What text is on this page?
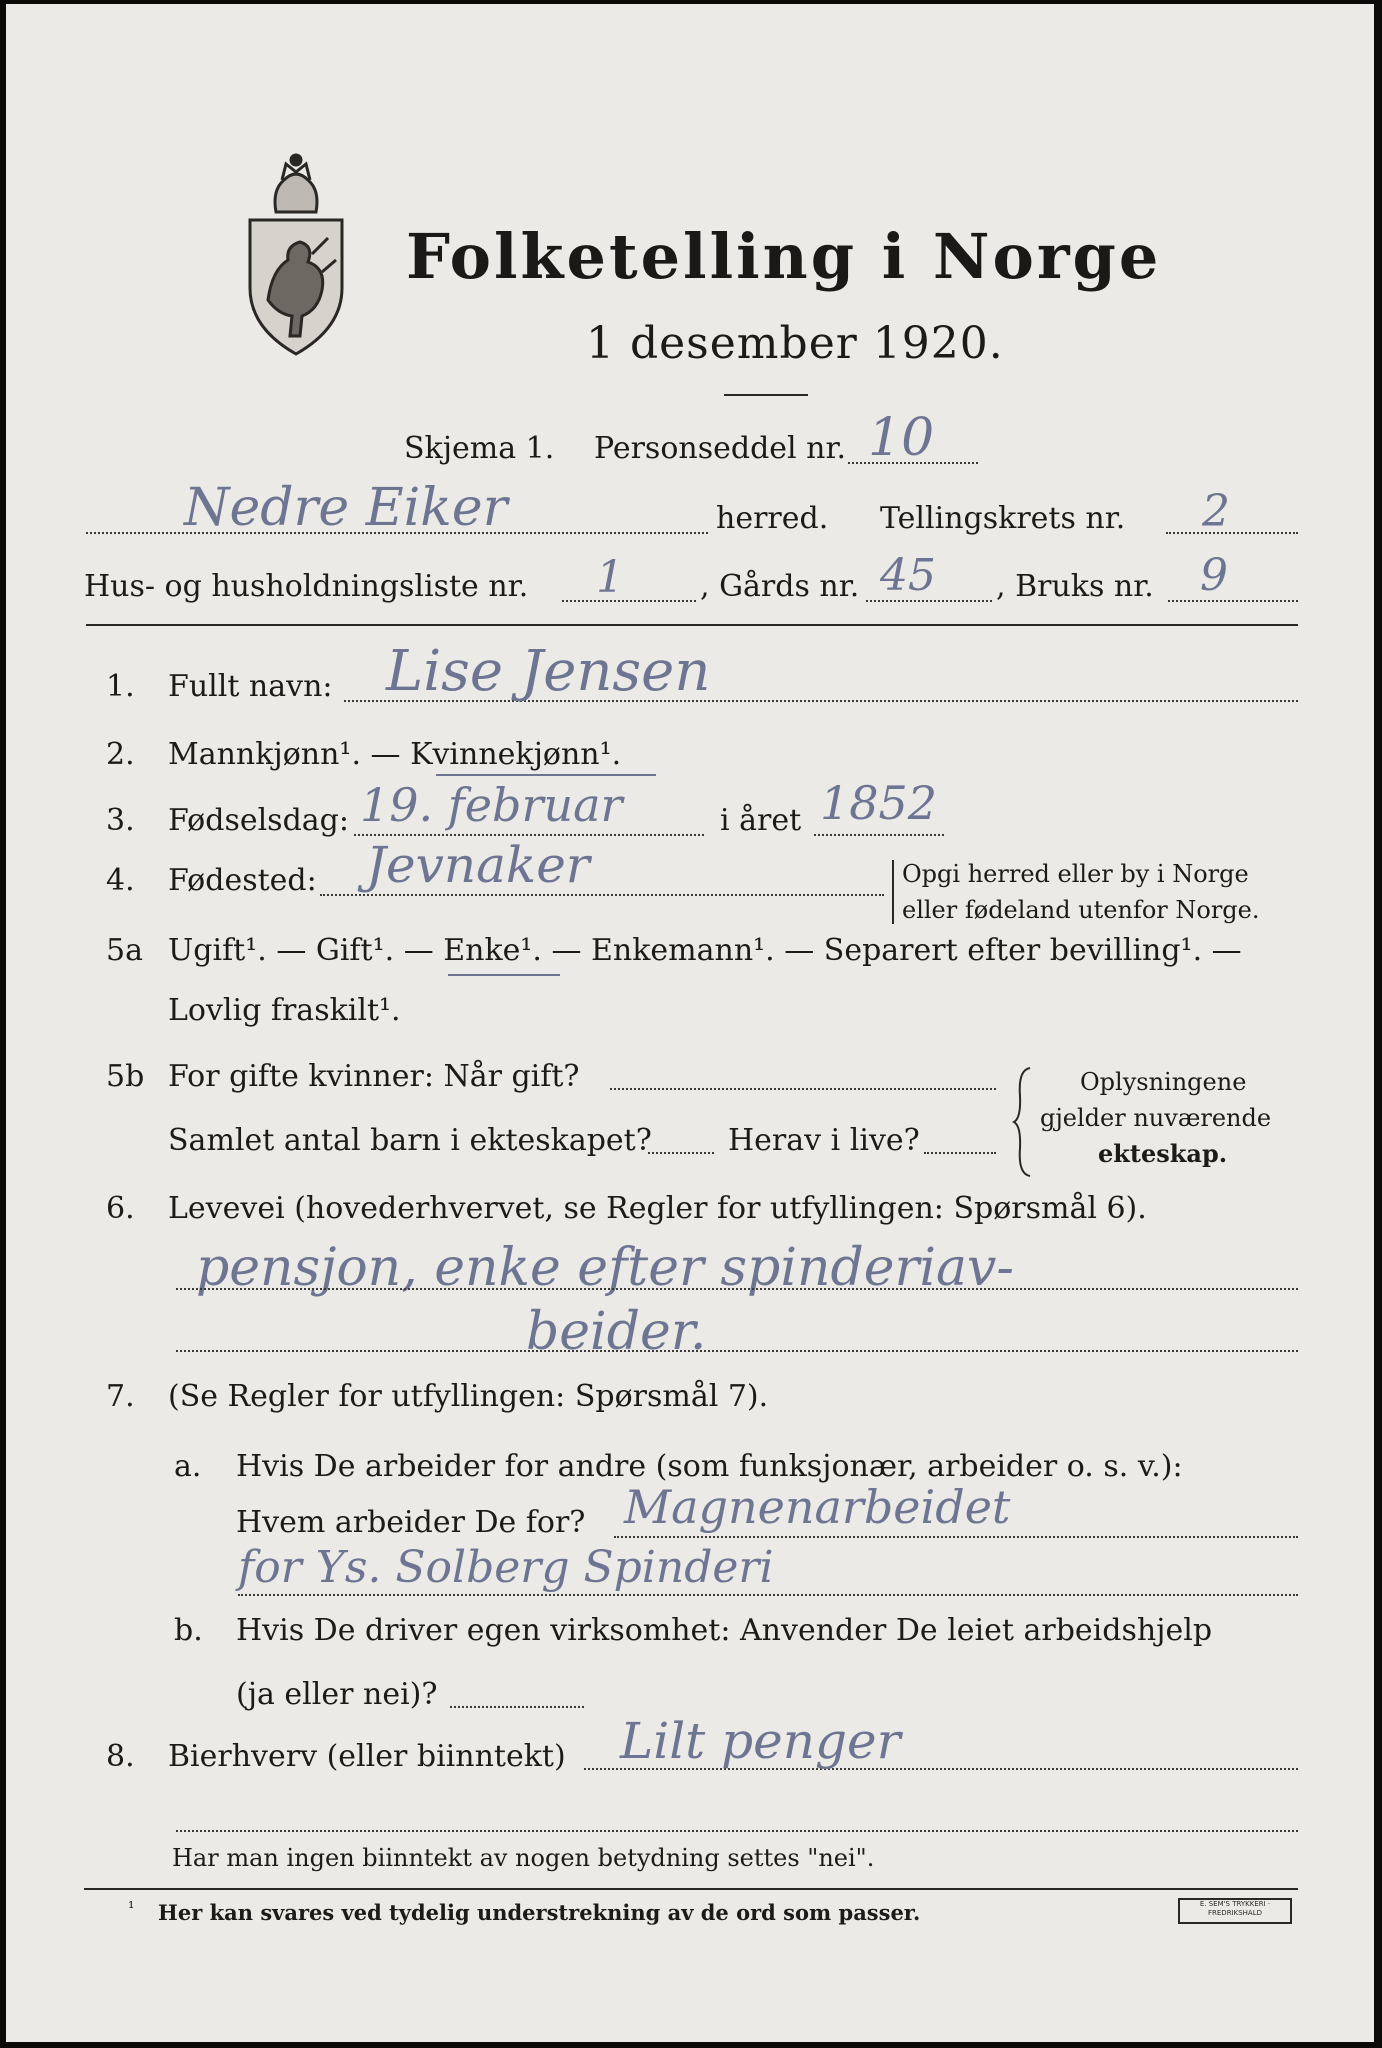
Folketelling i Norge
1 desember 1920.
Skjema 1. Personseddel nr. 10
Nedre Eiker	herred. Tellingskrets nr. 2
Hus- og husholdningsliste nr. 1	, Gårds nr. 45 , Bruks nr. 9
1. Fullt navn: Lise Jensen
2. Mannkjønn¹. — Kvinnekjønn¹.
3. Fødselsdag: 19. februar	i året 1852
4. Fødested: Jevnaker	Opgi herred eller by i Norge
eller fødeland utenfor Norge.
5a Ugift¹. — Gift¹. — Enke¹. — Enkemann¹. — Separert efter bevilling¹. —
Lovlig fraskilt¹.
5b For gifte kvinner: Når gift?
Samlet antal barn i ekteskapet?	Herav i live?
Oplysningene
gjelder nuværende
ekteskap.
6. Levevei (hovederhvervet, se Regler for utfyllingen: Spørsmål 6).
pensjon, enke efter spinderiav-
beider.
7. (Se Regler for utfyllingen: Spørsmål 7).
a. Hvis De arbeider for andre (som funksjonær, arbeider o. s. v.):
Hvem arbeider De for? Magnenarbeidet
for Ys. Solberg Spinderi
b. Hvis De driver egen virksomhet: Anvender De leiet arbeidshjelp
(ja eller nei)?
8. Bierhverv (eller biinntekt) Lilt penger
Har man ingen biinntekt av nogen betydning settes "nei".
¹ Her kan svares ved tydelig understrekning av de ord som passer.	E. SEM'S TRYKKERI · FREDRIKSHALD
